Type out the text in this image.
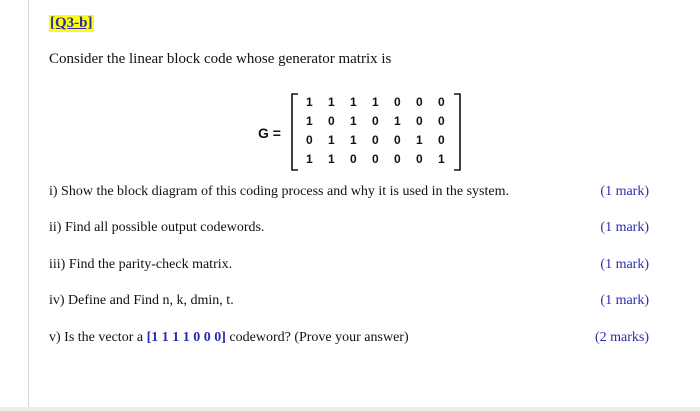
[Q3-b]
Consider the linear block code whose generator matrix is
G =
1 1 1 1 0 0 0
1 0 1 0 1 0 0
0 1 1 0 0 1 0
1 1 0 0 0 0 1
i) Show the block diagram of this coding process and why it is used in the system.	(1 mark)
ii) Find all possible output codewords.	(1 mark)
iii) Find the parity-check matrix.	(1 mark)
iv) Define and Find n, k, dmin, t.	(1 mark)
v) Is the vector a [1 1 1 1 0 0 0] codeword? (Prove your answer)	(2 marks)
